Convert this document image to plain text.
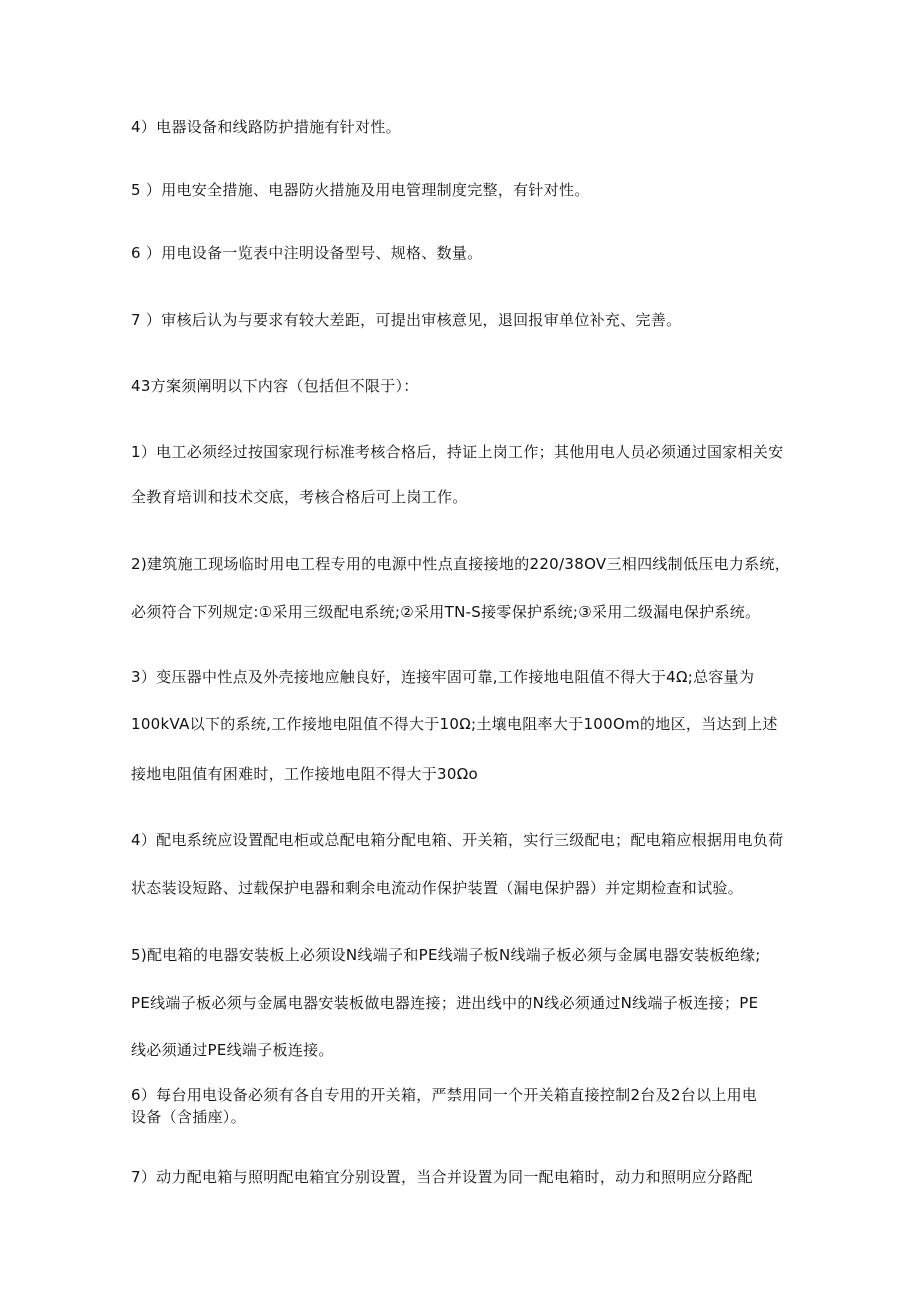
4）电器设备和线路防护措施有针对性。
5 ）用电安全措施、电器防火措施及用电管理制度完整，有针对性。
6 ）用电设备一览表中注明设备型号、规格、数量。
7 ）审核后认为与要求有较大差距，可提出审核意见，退回报审单位补充、完善。
43方案须阐明以下内容（包括但不限于）：
1）电工必须经过按国家现行标准考核合格后，持证上岗工作；其他用电人员必须通过国家相关安
全教育培训和技术交底，考核合格后可上岗工作。
2)建筑施工现场临时用电工程专用的电源中性点直接接地的220/38OV三相四线制低压电力系统，
必须符合下列规定:①采用三级配电系统;②采用TN-S接零保护系统;③采用二级漏电保护系统。
3）变压器中性点及外壳接地应触良好，连接牢固可靠,工作接地电阻值不得大于4Ω;总容量为
100kVA以下的系统,工作接地电阻值不得大于10Ω;土壤电阻率大于100Om的地区，当达到上述
接地电阻值有困难时，工作接地电阻不得大于30Ωo
4）配电系统应设置配电柜或总配电箱分配电箱、开关箱，实行三级配电；配电箱应根据用电负荷
状态装设短路、过载保护电器和剩余电流动作保护装置（漏电保护器）并定期检查和试验。
5)配电箱的电器安装板上必须设N线端子和PE线端子板N线端子板必须与金属电器安装板绝缘;
PE线端子板必须与金属电器安装板做电器连接；进出线中的N线必须通过N线端子板连接；PE
线必须通过PE线端子板连接。
6）每台用电设备必须有各自专用的开关箱，严禁用同一个开关箱直接控制2台及2台以上用电
设备（含插座）。
7）动力配电箱与照明配电箱宜分别设置，当合并设置为同一配电箱时，动力和照明应分路配
